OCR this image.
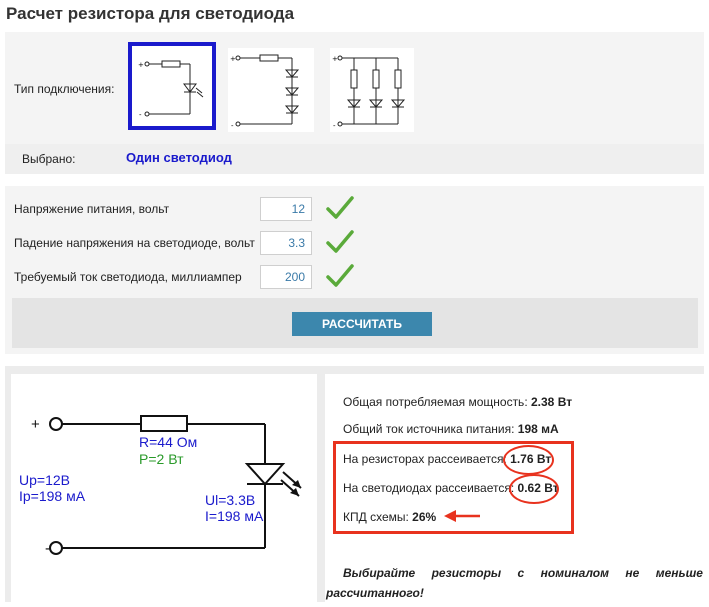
Расчет резистора для светодиода
Тип подключения:
+
-
+
-
+
-
Выбрано:	Один светодиод
Напряжение питания, вольт
12
Падение напряжения на светодиоде, вольт
3.3
Требуемый ток светодиода, миллиампер
200
РАССЧИТАТЬ
+
-
R=44 Ом
P=2 Вт
Up=12В
Ip=198 мА	Ul=3.3В
I=198 мА
Общая потребляемая мощность: 2.38 Вт
Общий ток источника питания: 198 мА
На резисторах рассеивается: 1.76 Вт
На светодиодах рассеивается: 0.62 Вт
КПД схемы: 26%
Выбирайте резисторы с номиналом не меньше
рассчитанного!
